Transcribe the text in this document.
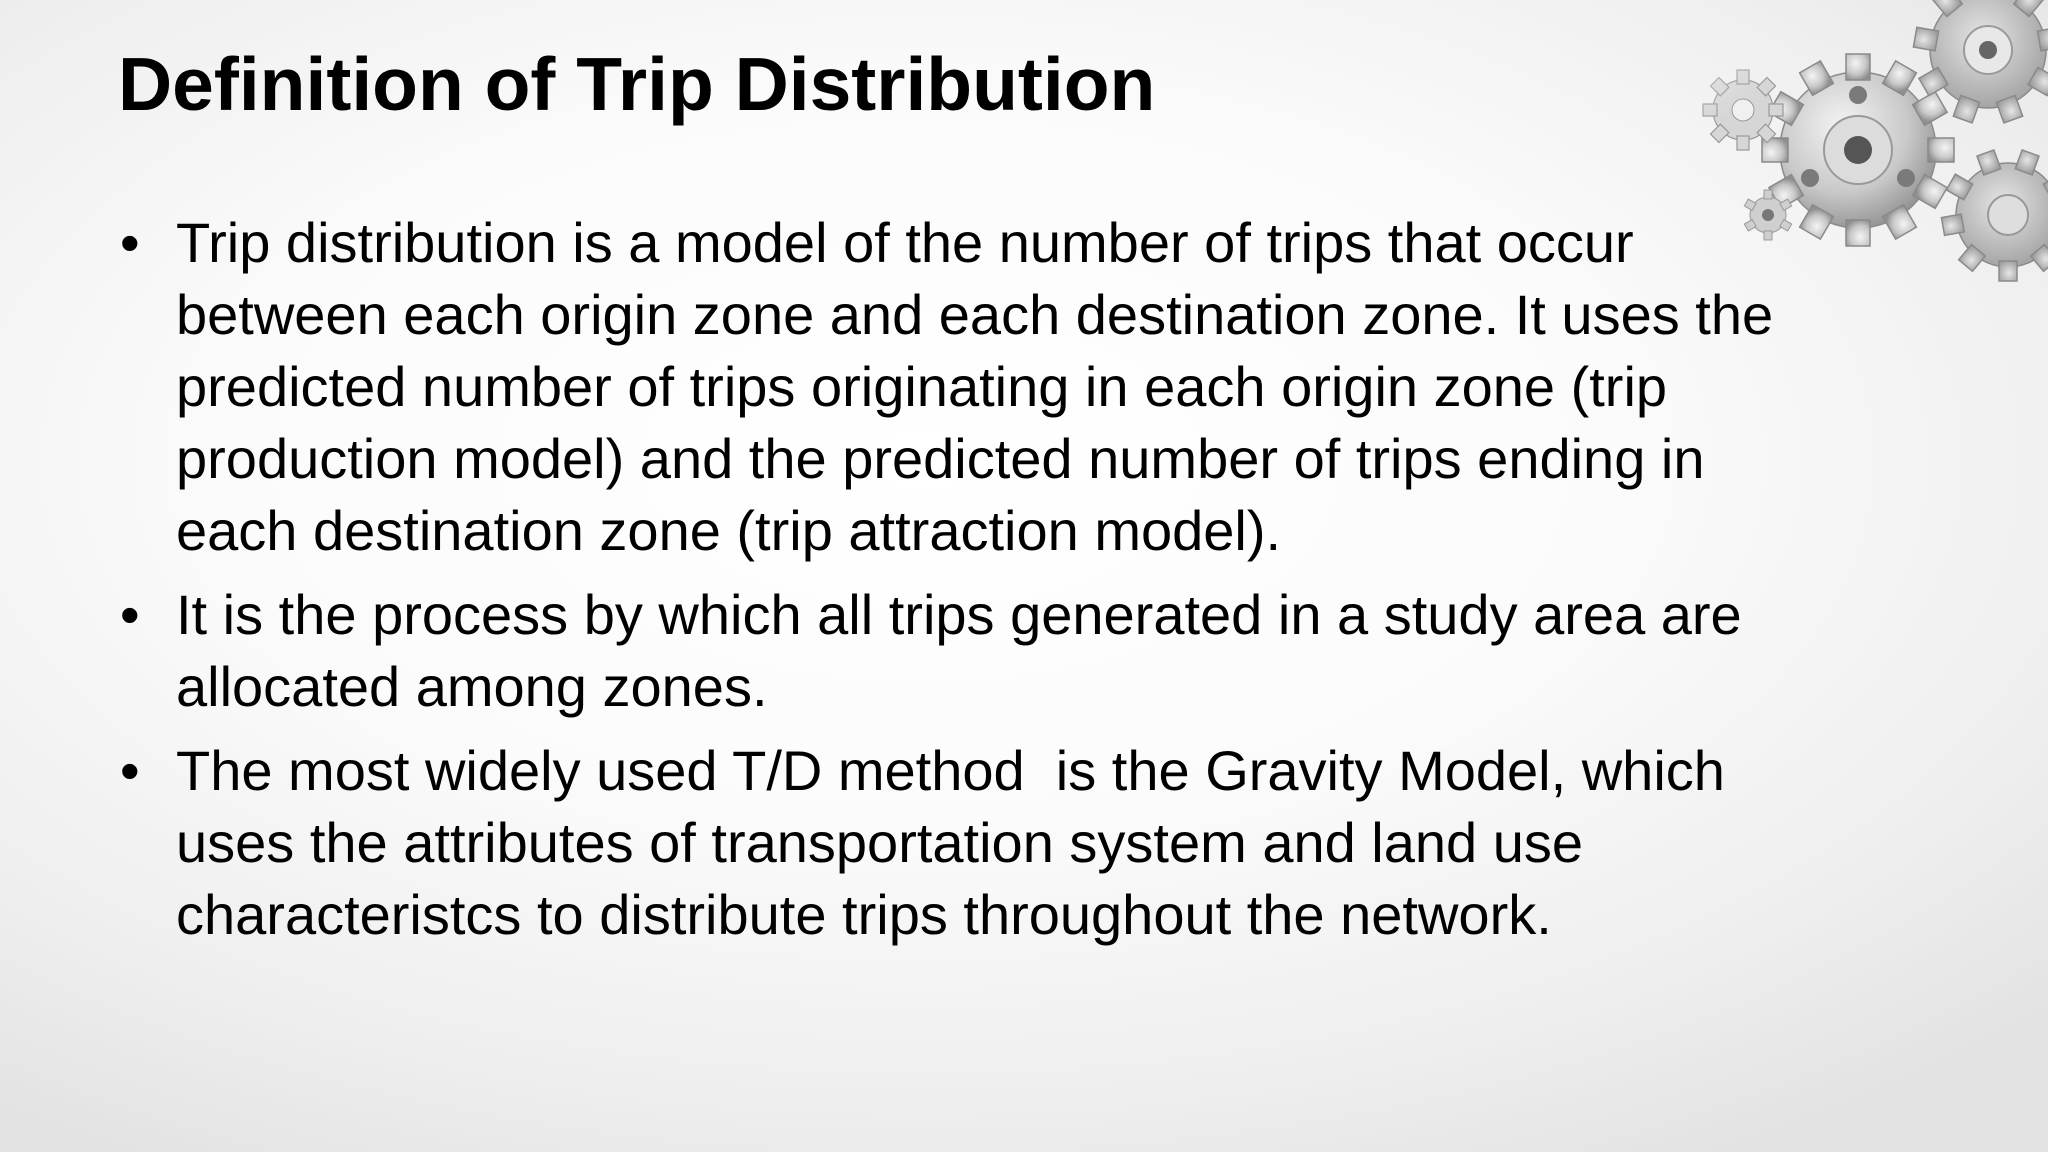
Definition of Trip Distribution
• Trip distribution is a model of the number of trips that occur
between each origin zone and each destination zone. It uses the
predicted number of trips originating in each origin zone (trip
production model) and the predicted number of trips ending in
each destination zone (trip attraction model).
• It is the process by which all trips generated in a study area are
allocated among zones.
• The most widely used T/D method  is the Gravity Model, which
uses the attributes of transportation system and land use
characteristcs to distribute trips throughout the network.
